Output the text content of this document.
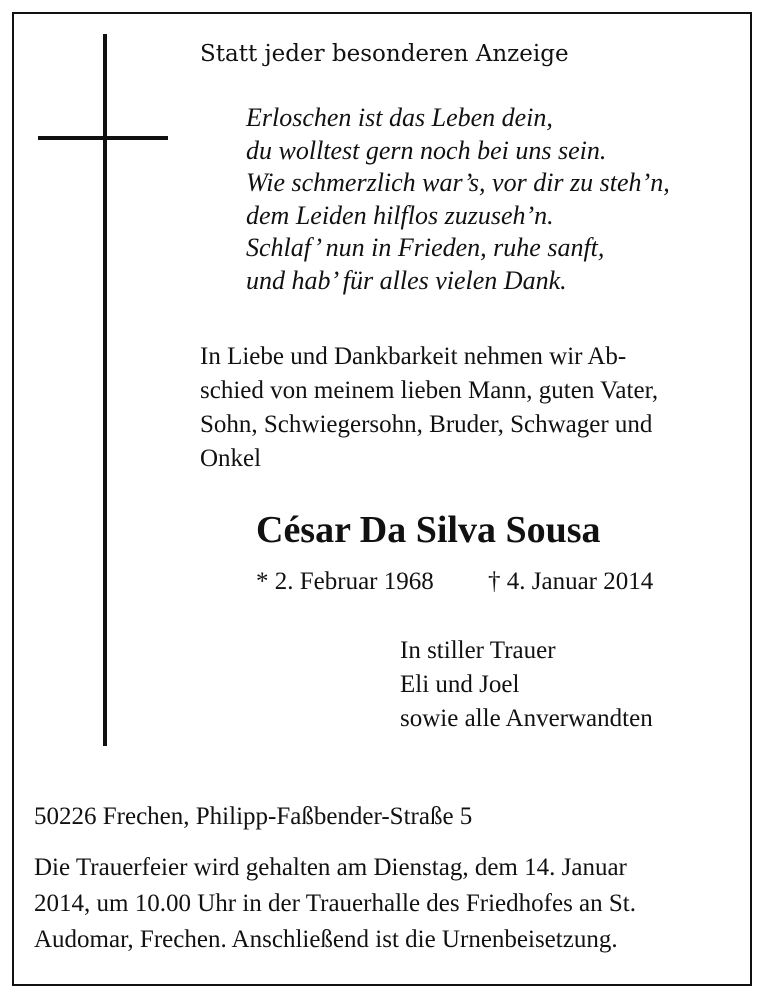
Statt jeder besonderen Anzeige
Erloschen ist das Leben dein,
du wolltest gern noch bei uns sein.
Wie schmerzlich war’s, vor dir zu steh’n,
dem Leiden hilflos zuzuseh’n.
Schlaf’ nun in Frieden, ruhe sanft,
und hab’ für alles vielen Dank.
In Liebe und Dankbarkeit nehmen wir Ab-
schied von meinem lieben Mann, guten Vater,
Sohn, Schwiegersohn, Bruder, Schwager und
Onkel
César Da Silva Sousa
* 2. Februar 1968 † 4. Januar 2014
In stiller Trauer
Eli und Joel
sowie alle Anverwandten
50226 Frechen, Philipp-Faßbender-Straße 5
Die Trauerfeier wird gehalten am Dienstag, dem 14. Januar
2014, um 10.00 Uhr in der Trauerhalle des Friedhofes an St.
Audomar, Frechen. Anschließend ist die Urnenbeisetzung.
